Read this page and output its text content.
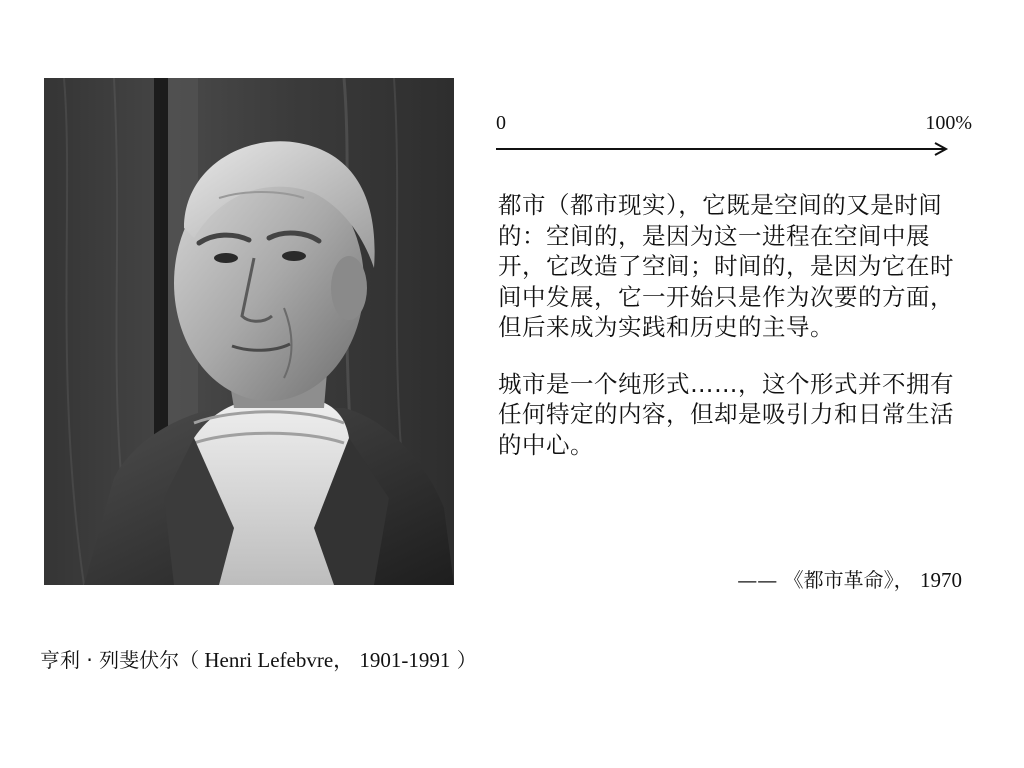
0	100%

都市（都市现实），它既是空间的又是时间的：空间的，是因为这一进程在空间中展开，它改造了空间；时间的，是因为它在时间中发展，它一开始只是作为次要的方面，但后来成为实践和历史的主导。

城市是一个纯形式……，这个形式并不拥有任何特定的内容，但却是吸引力和日常生活的中心。

—— 《都市革命》， 1970
亨利 · 列斐伏尔（ Henri Lefebvre， 1901-1991 ）
